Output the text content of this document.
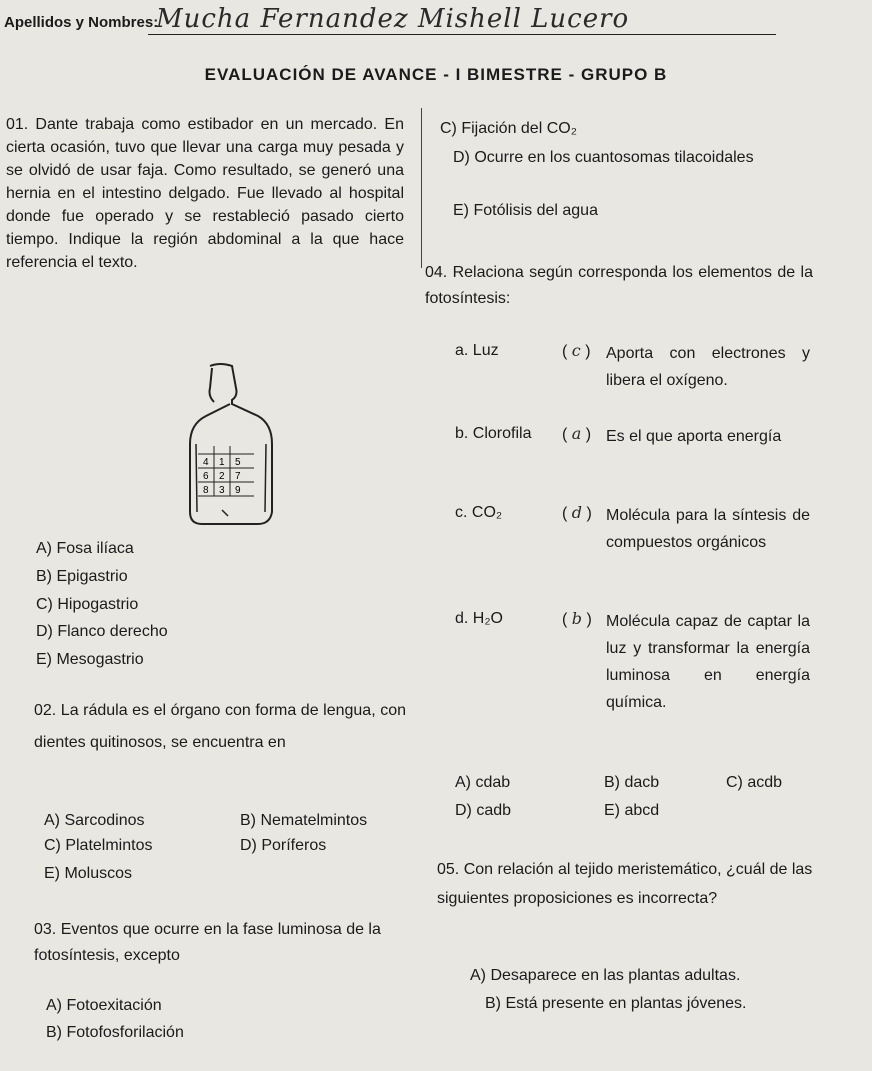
Apellidos y Nombres:
Mucha Fernandez Mishell Lucero
EVALUACIÓN DE AVANCE - I BIMESTRE - GRUPO B
01. Dante trabaja como estibador en un mercado. En cierta ocasión, tuvo que llevar una carga muy pesada y se olvidó de usar faja. Como resultado, se generó una hernia en el intestino delgado. Fue llevado al hospital donde fue operado y se restableció pasado cierto tiempo. Indique la región abdominal a la que hace referencia el texto.
4 1 5
6 2 7
8 3 9
A) Fosa ilíaca
B) Epigastrio
C) Hipogastrio
D) Flanco derecho
E) Mesogastrio
02. La rádula es el órgano con forma de lengua, con dientes quitinosos, se encuentra en
A) Sarcodinos	B) Nematelmintos
C) Platelmintos	D) Poríferos
E) Moluscos
03. Eventos que ocurre en la fase luminosa de la fotosíntesis, excepto
A) Fotoexitación
B) Fotofosforilación
C) Fijación del CO₂
D) Ocurre en los cuantosomas tilacoidales
E) Fotólisis del agua
04. Relaciona según corresponda los elementos de la fotosíntesis:
a. Luz	( c ) Aporta con electrones y libera el oxígeno.
b. Clorofila ( a ) Es el que aporta energía
c. CO₂	( d ) Molécula para la síntesis de compuestos orgánicos
d. H₂O	( b ) Molécula capaz de captar la luz y transformar la energía luminosa en energía química.
A) cdab	B) dacb	C) acdb
D) cadb	E) abcd
05. Con relación al tejido meristemático, ¿cuál de las siguientes proposiciones es incorrecta?
A) Desaparece en las plantas adultas.
B) Está presente en plantas jóvenes.
